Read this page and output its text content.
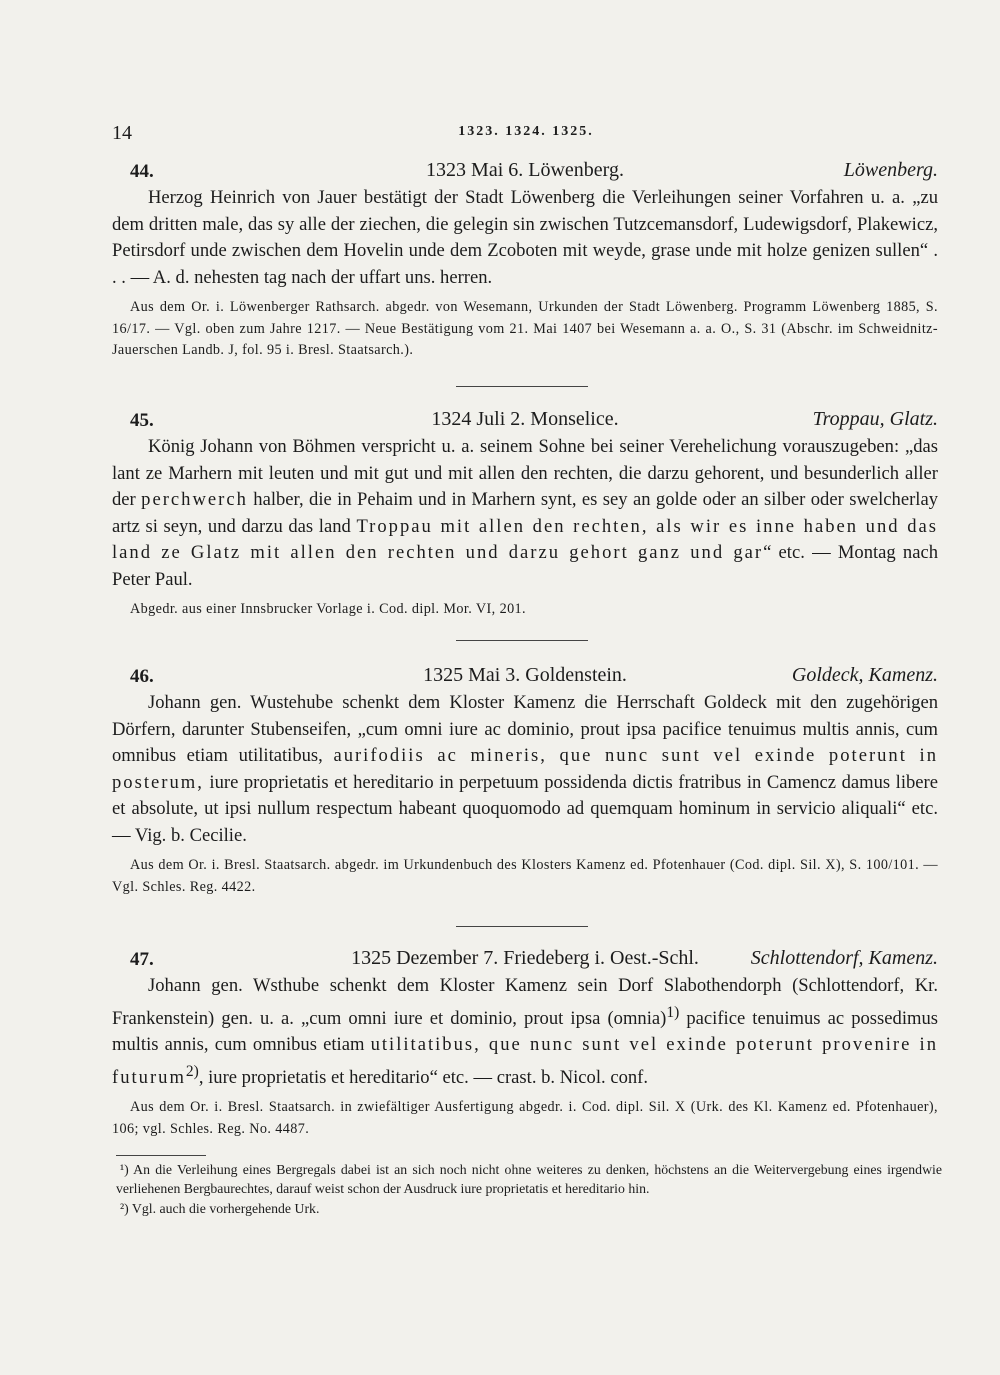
14	1323. 1324. 1325.
44.	1323 Mai 6. Löwenberg.	Löwenberg.

Herzog Heinrich von Jauer bestätigt der Stadt Löwenberg die Verleihungen seiner Vorfahren u. a. „zu dem dritten male, das sy alle der ziechen, die gelegin sin zwischen Tutzcemansdorf, Ludewigsdorf, Plakewicz, Petirsdorf unde zwischen dem Hovelin unde dem Zcoboten mit weyde, grase unde mit holze genizen sullen“ . . . — A. d. nehesten tag nach der uffart uns. herren.

Aus dem Or. i. Löwenberger Rathsarch. abgedr. von Wesemann, Urkunden der Stadt Löwenberg. Programm Löwenberg 1885, S. 16/17. — Vgl. oben zum Jahre 1217. — Neue Bestätigung vom 21. Mai 1407 bei Wesemann a. a. O., S. 31 (Abschr. im Schweidnitz-Jauerschen Landb. J, fol. 95 i. Bresl. Staatsarch.).

45.	1324 Juli 2. Monselice.	Troppau, Glatz.

König Johann von Böhmen verspricht u. a. seinem Sohne bei seiner Verehelichung vorauszugeben: „das lant ze Marhern mit leuten und mit gut und mit allen den rechten, die darzu gehorent, und besunderlich aller der perchwerch halber, die in Pehaim und in Marhern synt, es sey an golde oder an silber oder swelcherlay artz si seyn, und darzu das land Troppau mit allen den rechten, als wir es inne haben und das land ze Glatz mit allen den rechten und darzu gehort ganz und gar“ etc. — Montag nach Peter Paul.

Abgedr. aus einer Innsbrucker Vorlage i. Cod. dipl. Mor. VI, 201.

46.	1325 Mai 3. Goldenstein.	Goldeck, Kamenz.

Johann gen. Wustehube schenkt dem Kloster Kamenz die Herrschaft Goldeck mit den zugehörigen Dörfern, darunter Stubenseifen, „cum omni iure ac dominio, prout ipsa pacifice tenuimus multis annis, cum omnibus etiam utilitatibus, aurifodiis ac mineris, que nunc sunt vel exinde poterunt in posterum, iure proprietatis et hereditario in perpetuum possidenda dictis fratribus in Camencz damus libere et absolute, ut ipsi nullum respectum habeant quoquomodo ad quemquam hominum in servicio aliquali“ etc. — Vig. b. Cecilie.

Aus dem Or. i. Bresl. Staatsarch. abgedr. im Urkundenbuch des Klosters Kamenz ed. Pfotenhauer (Cod. dipl. Sil. X), S. 100/101. — Vgl. Schles. Reg. 4422.

47.	1325 Dezember 7. Friedeberg i. Oest.-Schl.	Schlottendorf, Kamenz.

Johann gen. Wsthube schenkt dem Kloster Kamenz sein Dorf Slabothendorph (Schlottendorf, Kr. Frankenstein) gen. u. a. „cum omni iure et dominio, prout ipsa (omnia)$^{1)}$ pacifice tenuimus ac possedimus multis annis, cum omnibus etiam utilitatibus, que nunc sunt vel exinde poterunt provenire in futurum$^{2)}$, iure proprietatis et hereditario“ etc. — crast. b. Nicol. conf.

Aus dem Or. i. Bresl. Staatsarch. in zwiefältiger Ausfertigung abgedr. i. Cod. dipl. Sil. X (Urk. des Kl. Kamenz ed. Pfotenhauer), 106; vgl. Schles. Reg. No. 4487.

¹) An die Verleihung eines Bergregals dabei ist an sich noch nicht ohne weiteres zu denken, höchstens an die Weitervergebung eines irgendwie verliehenen Bergbaurechtes, darauf weist schon der Ausdruck iure proprietatis et hereditario hin.

²) Vgl. auch die vorhergehende Urk.
